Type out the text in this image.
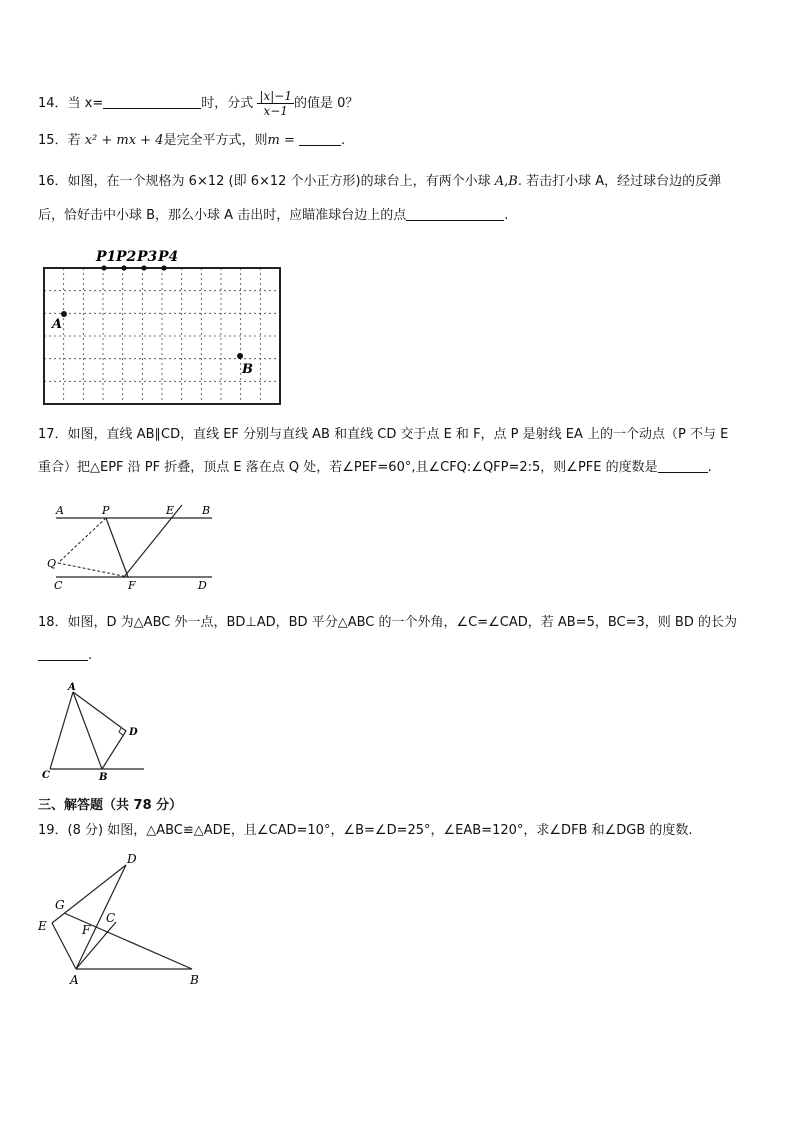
14．当 x=	时，分式 $\frac{|x|-1}{x-1}$ 的值是 0？
15．若 x² + mx + 4是完全平方式，则m =	.
16．如图，在一个规格为 6×12 (即 6×12 个小正方形)的球台上，有两个小球 A,B. 若击打小球 A，经过球台边的反弹
后，恰好击中小球 B，那么小球 A 击出时，应瞄准球台边上的点	.
P1 P2 P3 P4
A
B
17．如图，直线 AB∥CD，直线 EF 分别与直线 AB 和直线 CD 交于点 E 和 F，点 P 是射线 EA 上的一个动点（P 不与 E
重合）把△EPF 沿 PF 折叠，顶点 E 落在点 Q 处，若∠PEF=60°,且∠CFQ:∠QFP=2:5，则∠PFE 的度数是	.
A	P	E	B
Q
C	F	D
18．如图，D 为△ABC 外一点，BD⊥AD，BD 平分△ABC 的一个外角，∠C=∠CAD，若 AB=5，BC=3，则 BD 的长为
.
A
D
C	B
三、解答题（共 78 分）
19．(8 分) 如图，△ABC≌△ADE，且∠CAD=10°，∠B=∠D=25°，∠EAB=120°，求∠DFB 和∠DGB 的度数.
D
G
C
E	F
A	B
